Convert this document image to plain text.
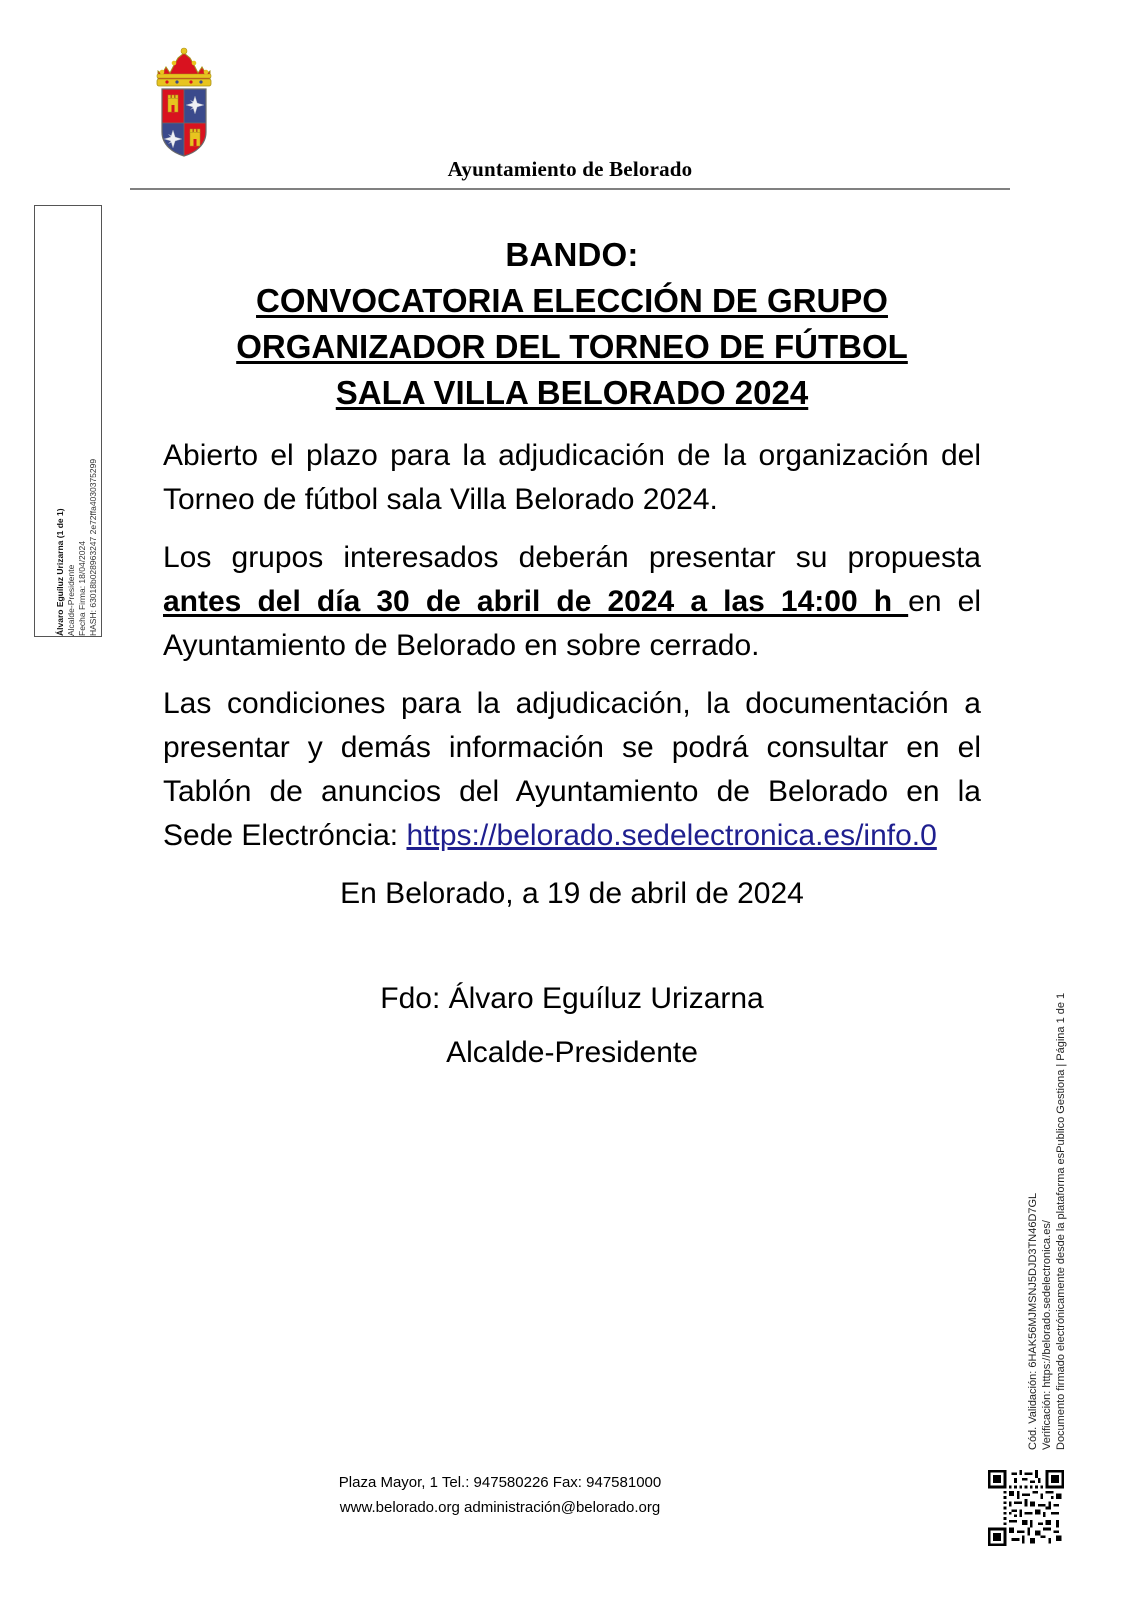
Ayuntamiento de Belorado
Álvaro Eguíluz Urizarna (1 de 1) Alcalde-Presidente Fecha Firma: 18/04/2024 HASH: 63018b028963247 2e72ffa4030375299
BANDO:
CONVOCATORIA ELECCIÓN DE GRUPO
ORGANIZADOR DEL TORNEO DE FÚTBOL
SALA VILLA BELORADO 2024

Abierto el plazo para la adjudicación de la organización del Torneo de fútbol sala Villa Belorado 2024.

Los grupos interesados deberán presentar su propuesta antes del día 30 de abril de 2024 a las 14:00 h en el Ayuntamiento de Belorado en sobre cerrado.

Las condiciones para la adjudicación, la documentación a presentar y demás información se podrá consultar en el Tablón de anuncios del Ayuntamiento de Belorado en la Sede Electróncia: https://belorado.sedelectronica.es/info.0

En Belorado, a 19 de abril de 2024

Fdo: Álvaro Eguíluz Urizarna

Alcalde-Presidente

Cód. Validación: 6HAK56MJMSNJ5DJD3TN46D7GL Verificación: https://belorado.sedelectronica.es/ Documento firmado electrónicamente desde la plataforma esPublico Gestiona | Página 1 de 1
Plaza Mayor, 1 Tel.: 947580226 Fax: 947581000
www.belorado.org administración@belorado.org
